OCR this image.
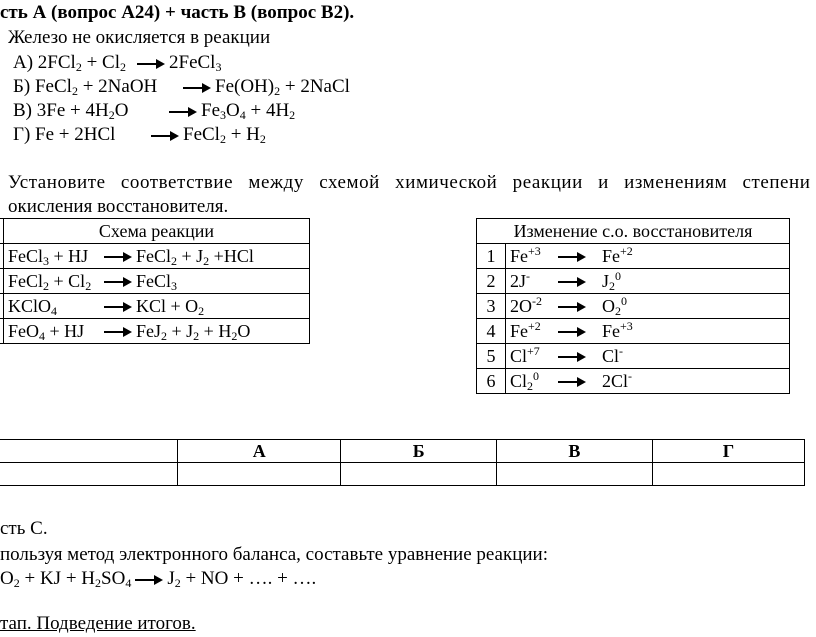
сть А (вопрос А24) + часть В (вопрос В2).
Железо не окисляется в реакции
А) $2FCl_2 + Cl_2$ 2FeCl$_3$
Б) FeCl$_2$ + 2NaOH	$Fe(OH)_2$ + 2NaCl
В) $3Fe + 4H_2O$	$Fe_3O_4 + 4H_2$
Г) Fe + 2HCl	FeCl$_2$ + $H_2$
Установите соответствие между схемой химической реакции и изменениям степени
окисления восстановителя.
	Схема реакции
	FeCl$_3$ + HJ FeCl$_2$ + $J_2 +HCl$
	FeCl$_2$ + $Cl_2$ FeCl$_3$
	KClO$_4$ KCl + $O_2$
	FeO$_4$ + HJ $FeJ_2 + J_2 + H_2O$
Изменение с.о. восстановителя	
1	$Fe^{+3}$ $Fe^{+2}$
2	2J- $J_2^0$
3	$2O^{-2}$ $O_2^0$
4	$Fe^{+2}$ $Fe^{+3}$
5	$Cl^{+7}$ Cl-
6	$Cl_2^0$ 2Cl-
	А	Б	В	Г

сть С.
пользуя метод электронного баланса, составьте уравнение реакции:
$O_2$ + KJ + $H_2SO_4$ $J_2$ + NO + …. + ….
тап. Подведение итогов.
